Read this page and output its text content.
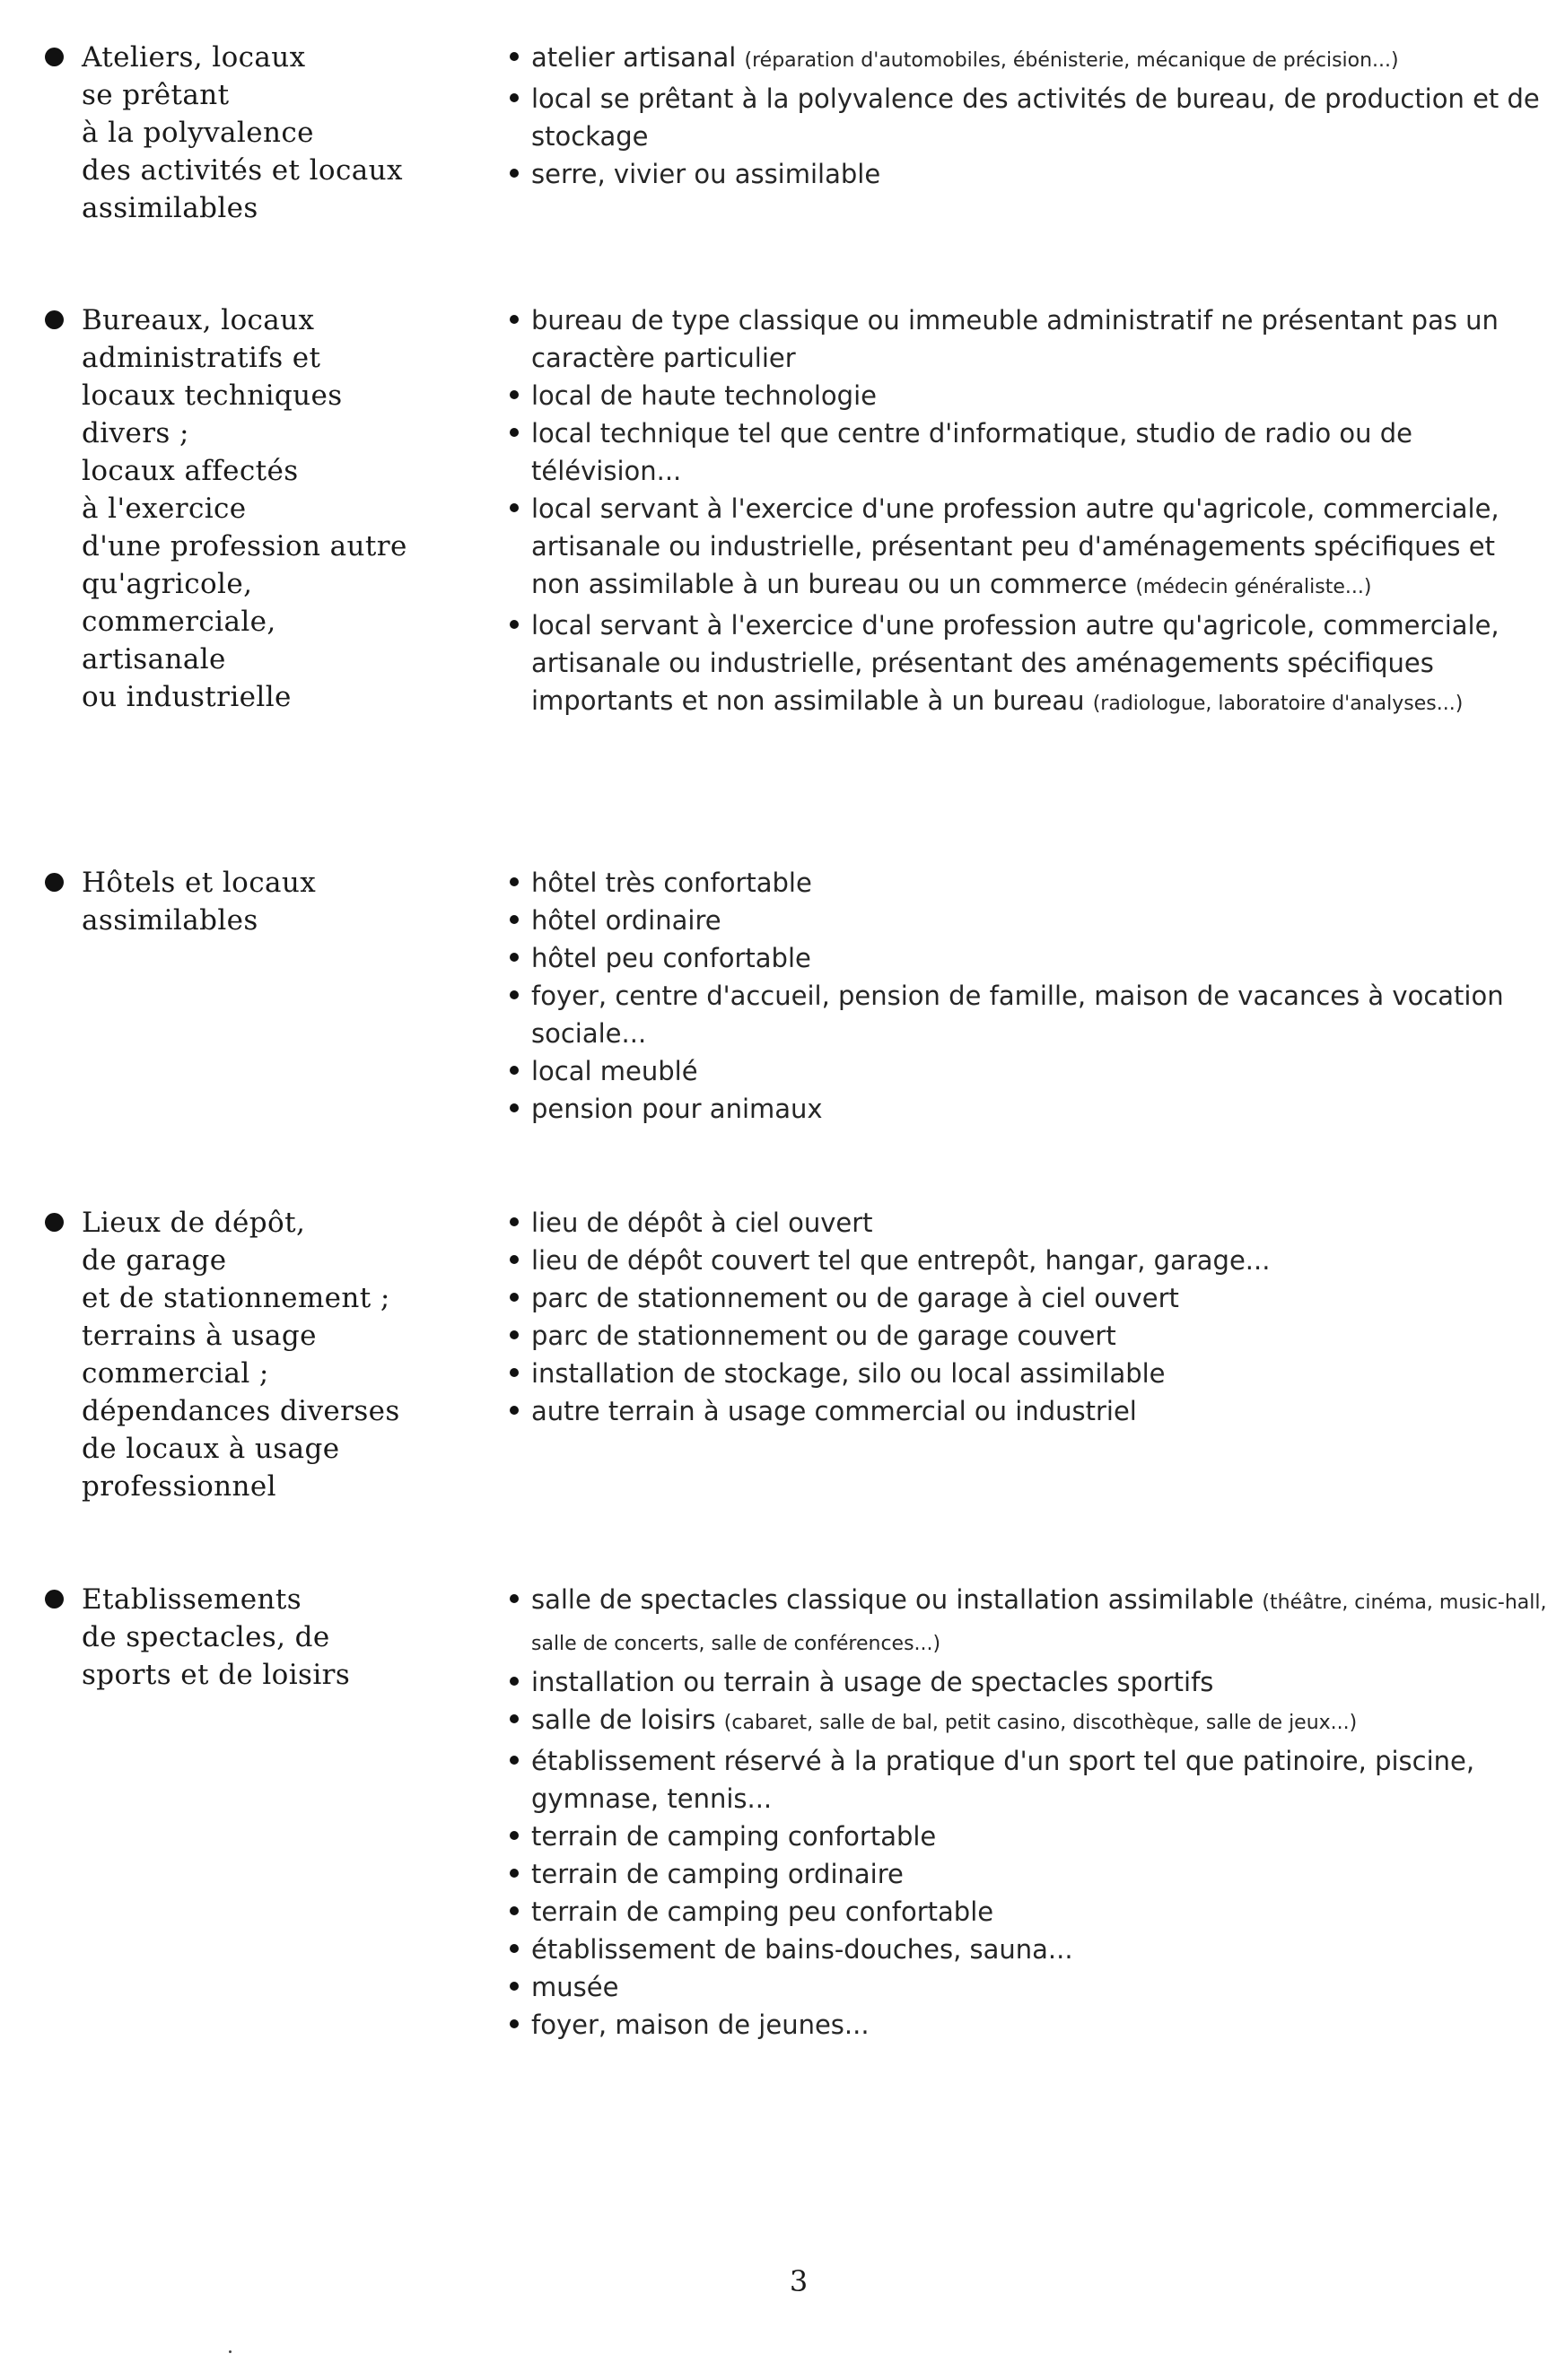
Ateliers, locaux
se prêtant
à la polyvalence
des activités et locaux
assimilables
atelier artisanal (réparation d'automobiles, ébénisterie, mécanique de précision...)
local se prêtant à la polyvalence des activités de bureau, de production et de stockage
serre, vivier ou assimilable
Bureaux, locaux
administratifs et
locaux techniques
divers ;
locaux affectés
à l'exercice
d'une profession autre
qu'agricole,
commerciale,
artisanale
ou industrielle
bureau de type classique ou immeuble administratif ne présentant pas un caractère particulier
local de haute technologie
local technique tel que centre d'informatique, studio de radio ou de télévision...
local servant à l'exercice d'une profession autre qu'agricole, commerciale, artisanale ou industrielle, présentant peu d'aménagements spécifiques et non assimilable à un bureau ou un commerce (médecin généraliste...)
local servant à l'exercice d'une profession autre qu'agricole, commerciale, artisanale ou industrielle, présentant des aménagements spécifiques importants et non assimilable à un bureau (radiologue, laboratoire d'analyses...)
Hôtels et locaux
assimilables
hôtel très confortable
hôtel ordinaire
hôtel peu confortable
foyer, centre d'accueil, pension de famille, maison de vacances à vocation sociale...
local meublé
pension pour animaux
Lieux de dépôt,
de garage
et de stationnement ;
terrains à usage
commercial ;
dépendances diverses
de locaux à usage
professionnel
lieu de dépôt à ciel ouvert
lieu de dépôt couvert tel que entrepôt, hangar, garage...
parc de stationnement ou de garage à ciel ouvert
parc de stationnement ou de garage couvert
installation de stockage, silo ou local assimilable
autre terrain à usage commercial ou industriel
Etablissements
de spectacles, de
sports et de loisirs
salle de spectacles classique ou installation assimilable (théâtre, cinéma, music-hall, salle de concerts, salle de conférences...)
installation ou terrain à usage de spectacles sportifs
salle de loisirs (cabaret, salle de bal, petit casino, discothèque, salle de jeux...)
établissement réservé à la pratique d'un sport tel que patinoire, piscine, gymnase, tennis...
terrain de camping confortable
terrain de camping ordinaire
terrain de camping peu confortable
établissement de bains-douches, sauna...
musée
foyer, maison de jeunes...
3
